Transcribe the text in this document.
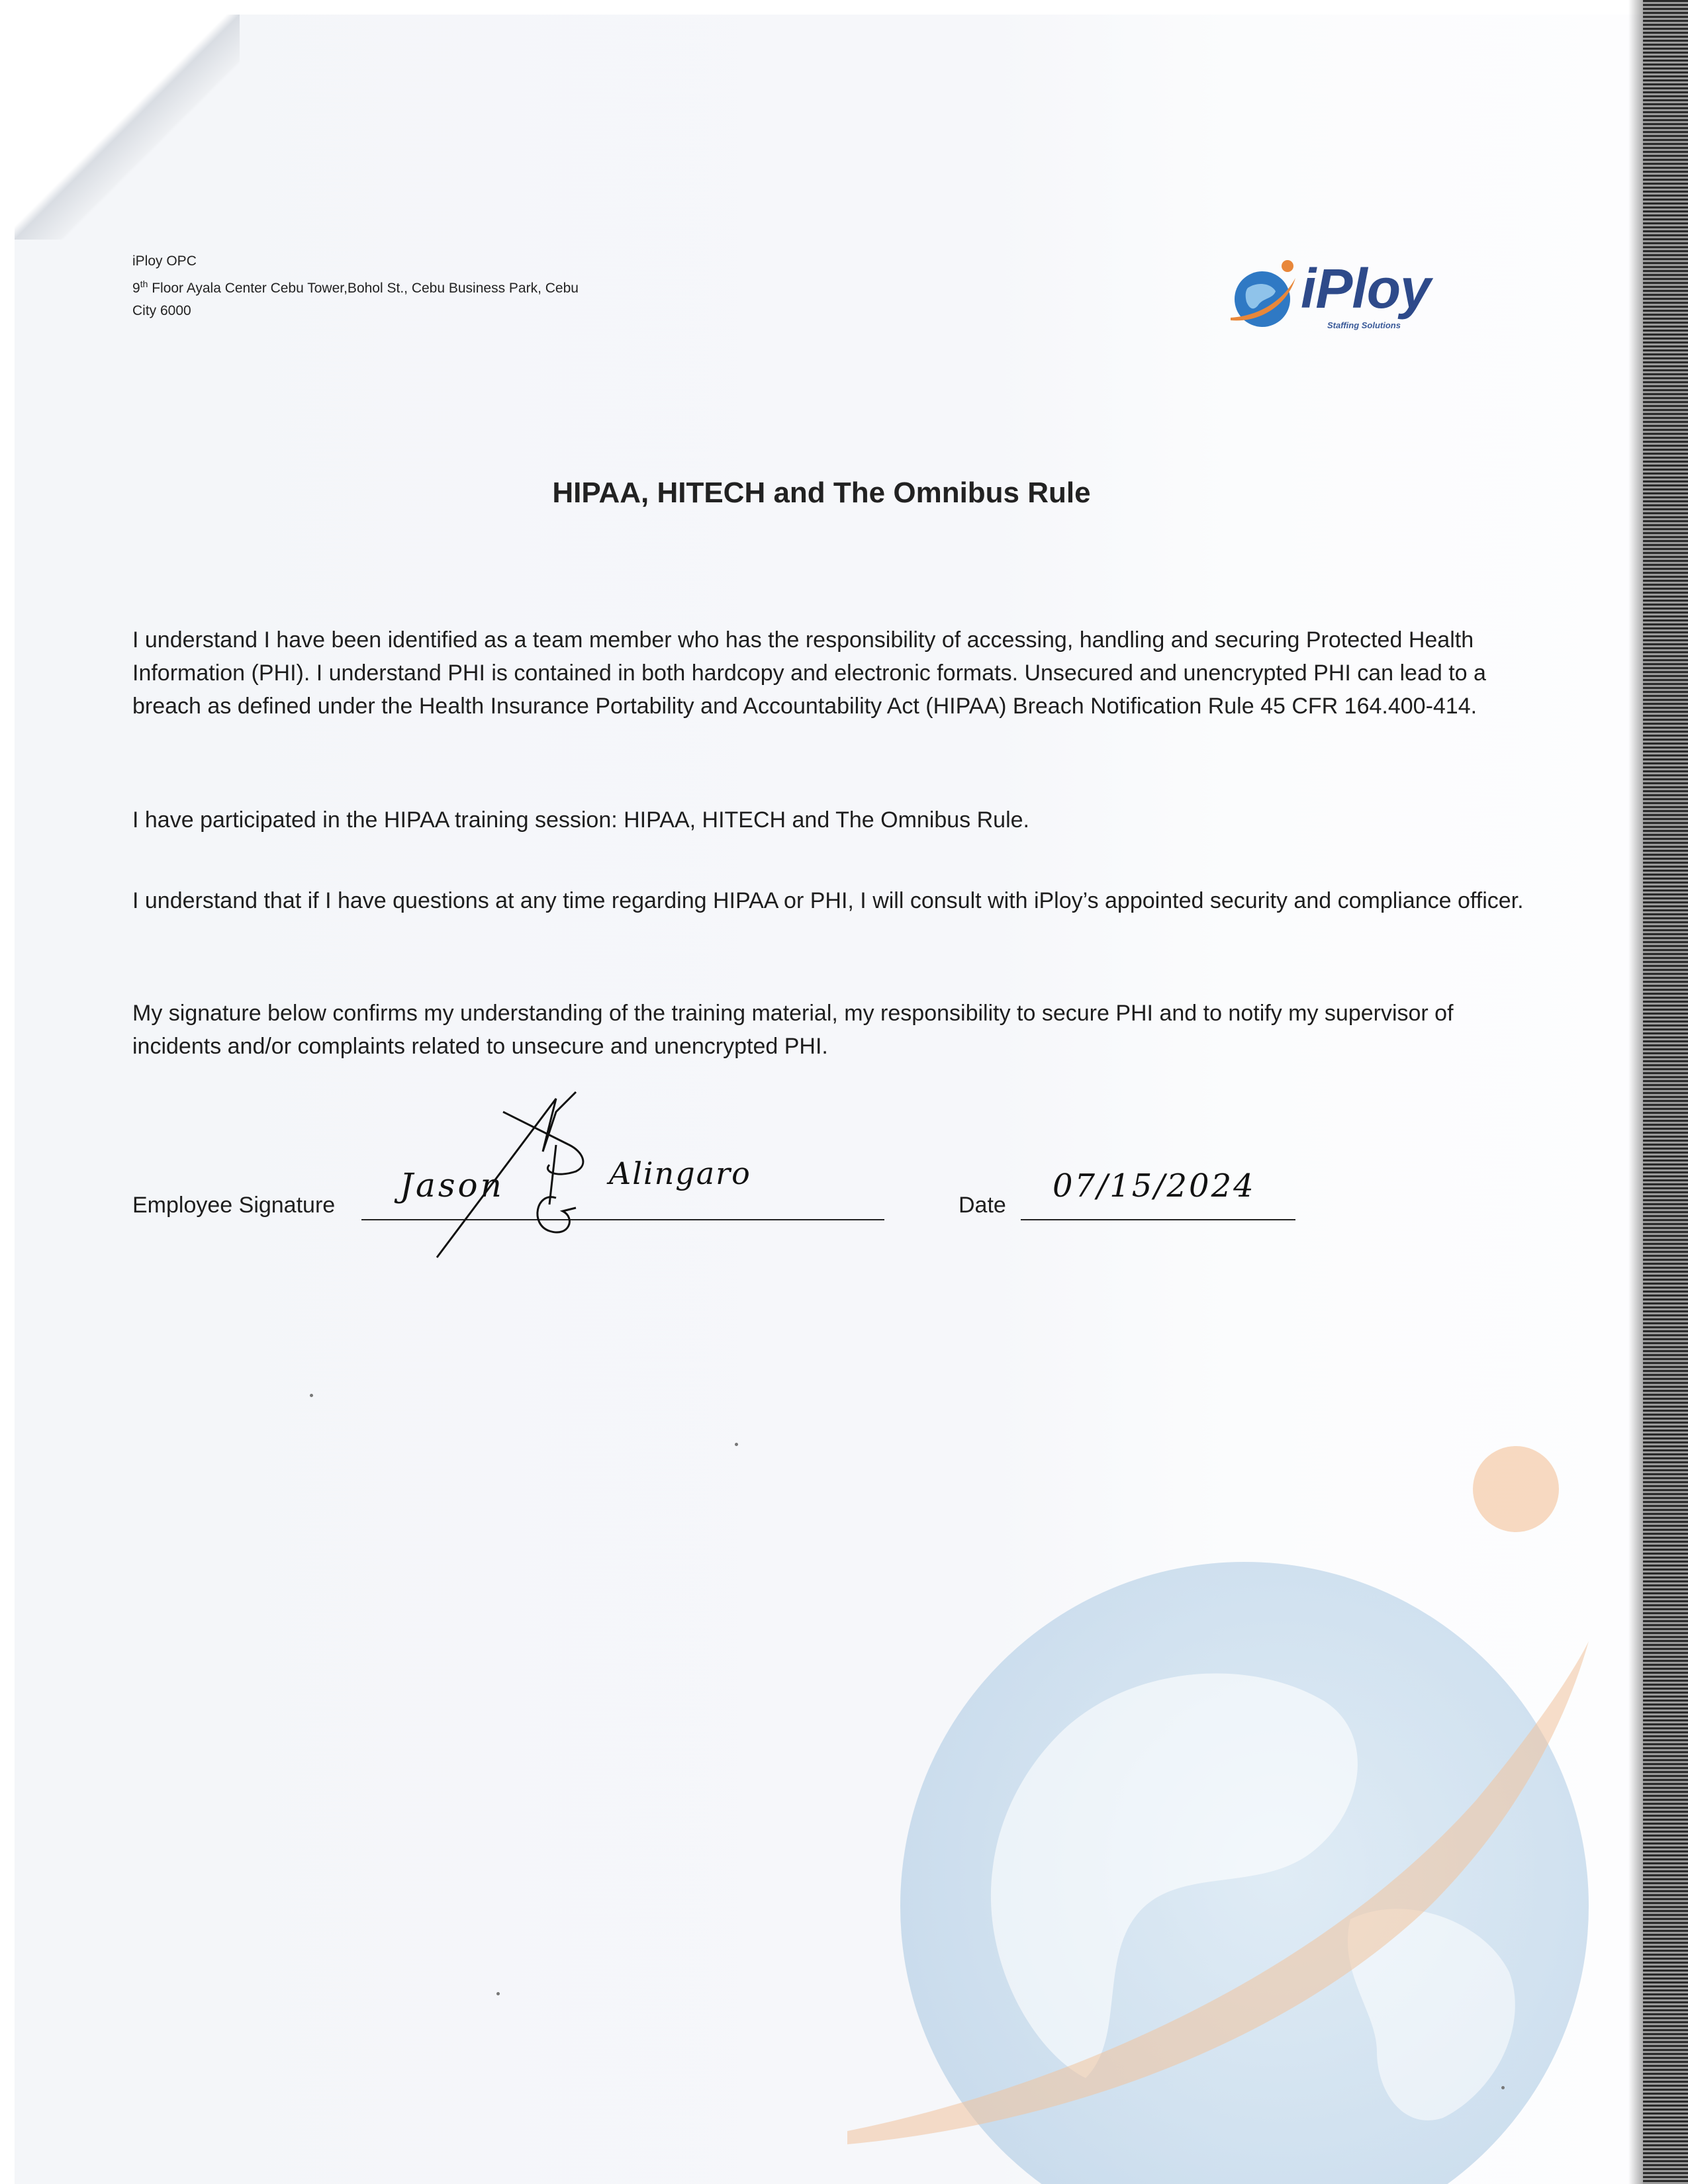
iPloy OPC
9th Floor Ayala Center Cebu Tower,Bohol St., Cebu Business Park, Cebu
City 6000	iPloy
Staffing Solutions
HIPAA, HITECH and The Omnibus Rule
I understand I have been identified as a team member who has the responsibility of accessing, handling and securing Protected Health Information (PHI). I understand PHI is contained in both hardcopy and electronic formats. Unsecured and unencrypted PHI can lead to a breach as defined under the Health Insurance Portability and Accountability Act (HIPAA) Breach Notification Rule 45 CFR 164.400-414.
I have participated in the HIPAA training session: HIPAA, HITECH and The Omnibus Rule.
I understand that if I have questions at any time regarding HIPAA or PHI, I will consult with iPloy’s appointed security and compliance officer.
My signature below confirms my understanding of the training material, my responsibility to secure PHI and to notify my supervisor of incidents and/or complaints related to unsecure and unencrypted PHI.
Employee Signature
Jason	Alingaro
Date
07/15/2024
